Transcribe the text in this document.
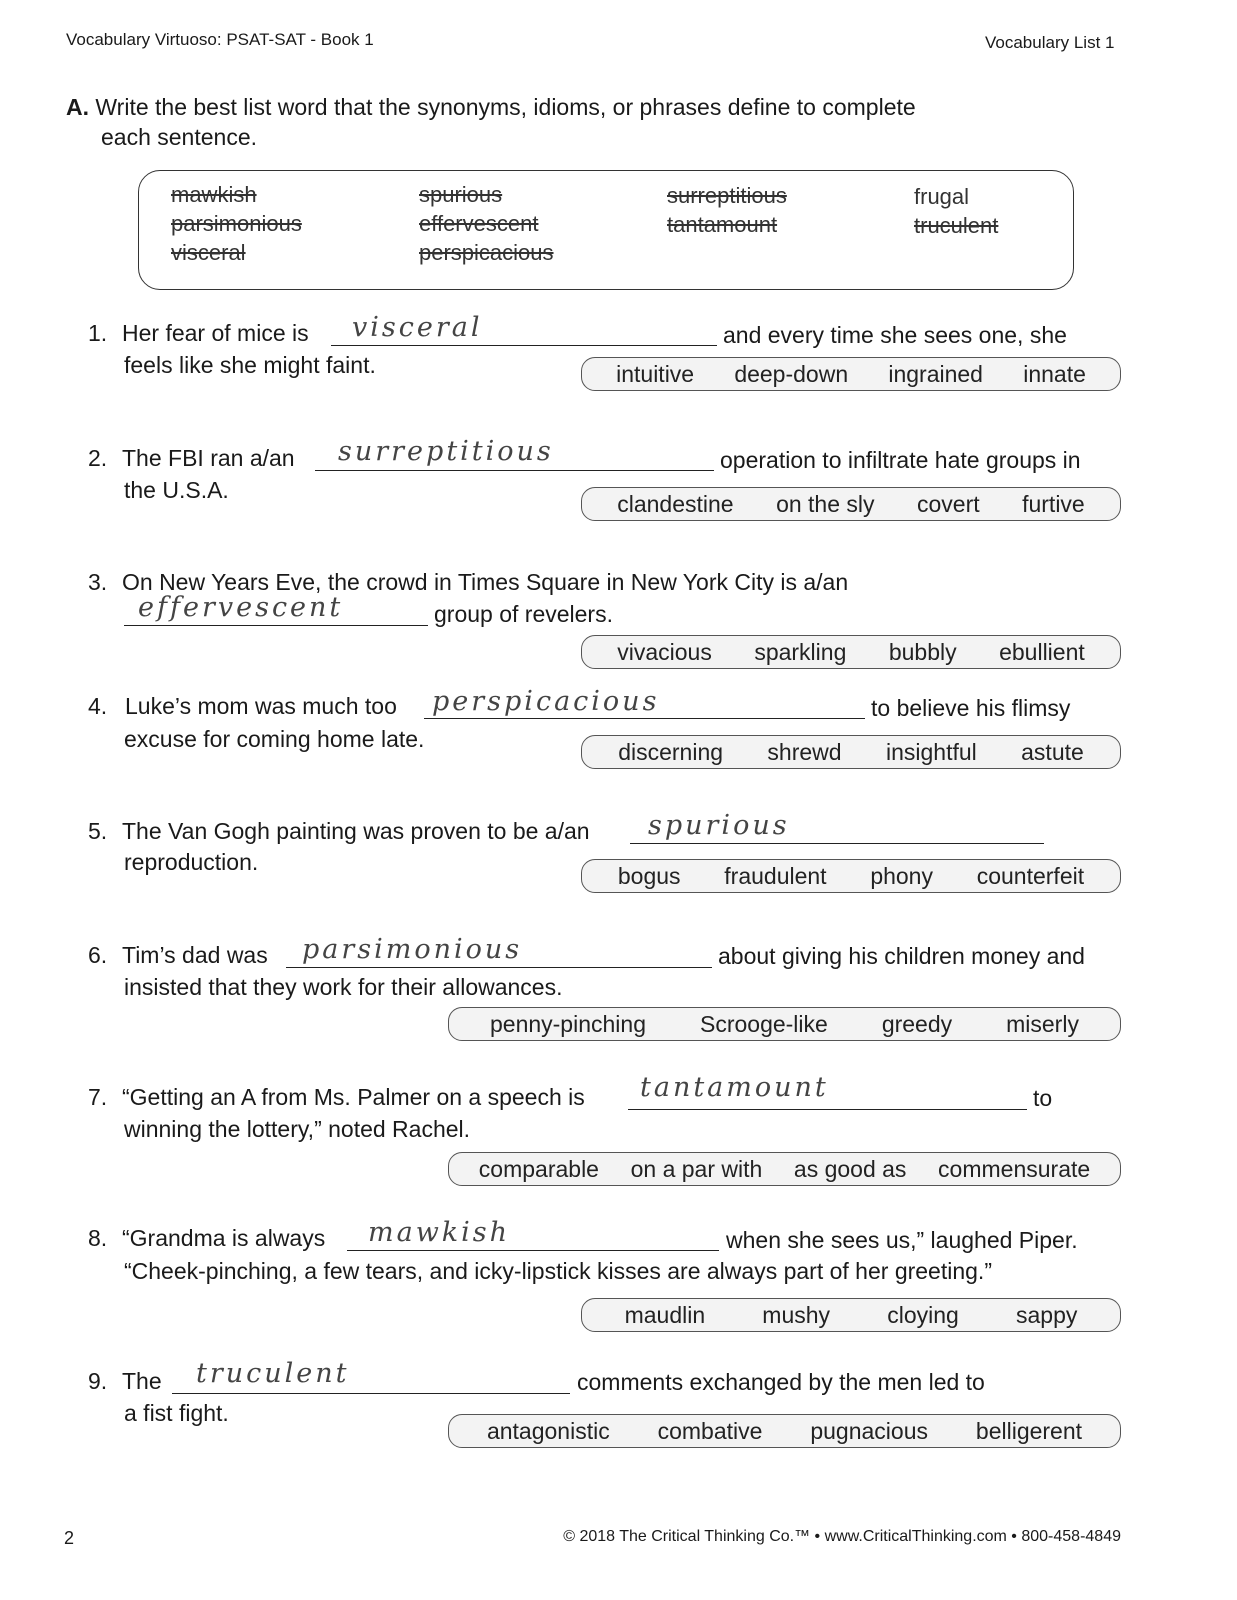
Vocabulary Virtuoso: PSAT-SAT - Book 1	Vocabulary List 1
A. Write the best list word that the synonyms, idioms, or phrases define to complete
each sentence.
mawkish
parsimonious
visceral
spurious
effervescent
perspicacious
surreptitious
tantamount
frugal
truculent
1. Her fear of mice is visceral	and every time she sees one, she
feels like she might faint.	intuitive deep-down ingrained innate
2. The FBI ran a/an surreptitious	operation to infiltrate hate groups in
the U.S.A.
clandestine on the sly covert furtive
3. On New Years Eve, the crowd in Times Square in New York City is a/an
effervescent	group of revelers.
vivacious sparkling bubbly ebullient
4. Luke’s mom was much too perspicacious	to believe his flimsy
excuse for coming home late.	discerning shrewd insightful astute
5. The Van Gogh painting was proven to be a/an spurious
reproduction.
bogus fraudulent phony counterfeit
6. Tim’s dad was parsimonious	about giving his children money and
insisted that they work for their allowances.
penny-pinching Scrooge-like greedy miserly
7. “Getting an A from Ms. Palmer on a speech is tantamount	to
winning the lottery,” noted Rachel.
comparable on a par with as good as commensurate
8. “Grandma is always mawkish	when she sees us,” laughed Piper.
“Cheek-pinching, a few tears, and icky-lipstick kisses are always part of her greeting.”
maudlin mushy cloying sappy
9. The truculent	comments exchanged by the men led to
a fist fight.
antagonistic combative pugnacious belligerent
2	© 2018 The Critical Thinking Co.™ • www.CriticalThinking.com • 800-458-4849
